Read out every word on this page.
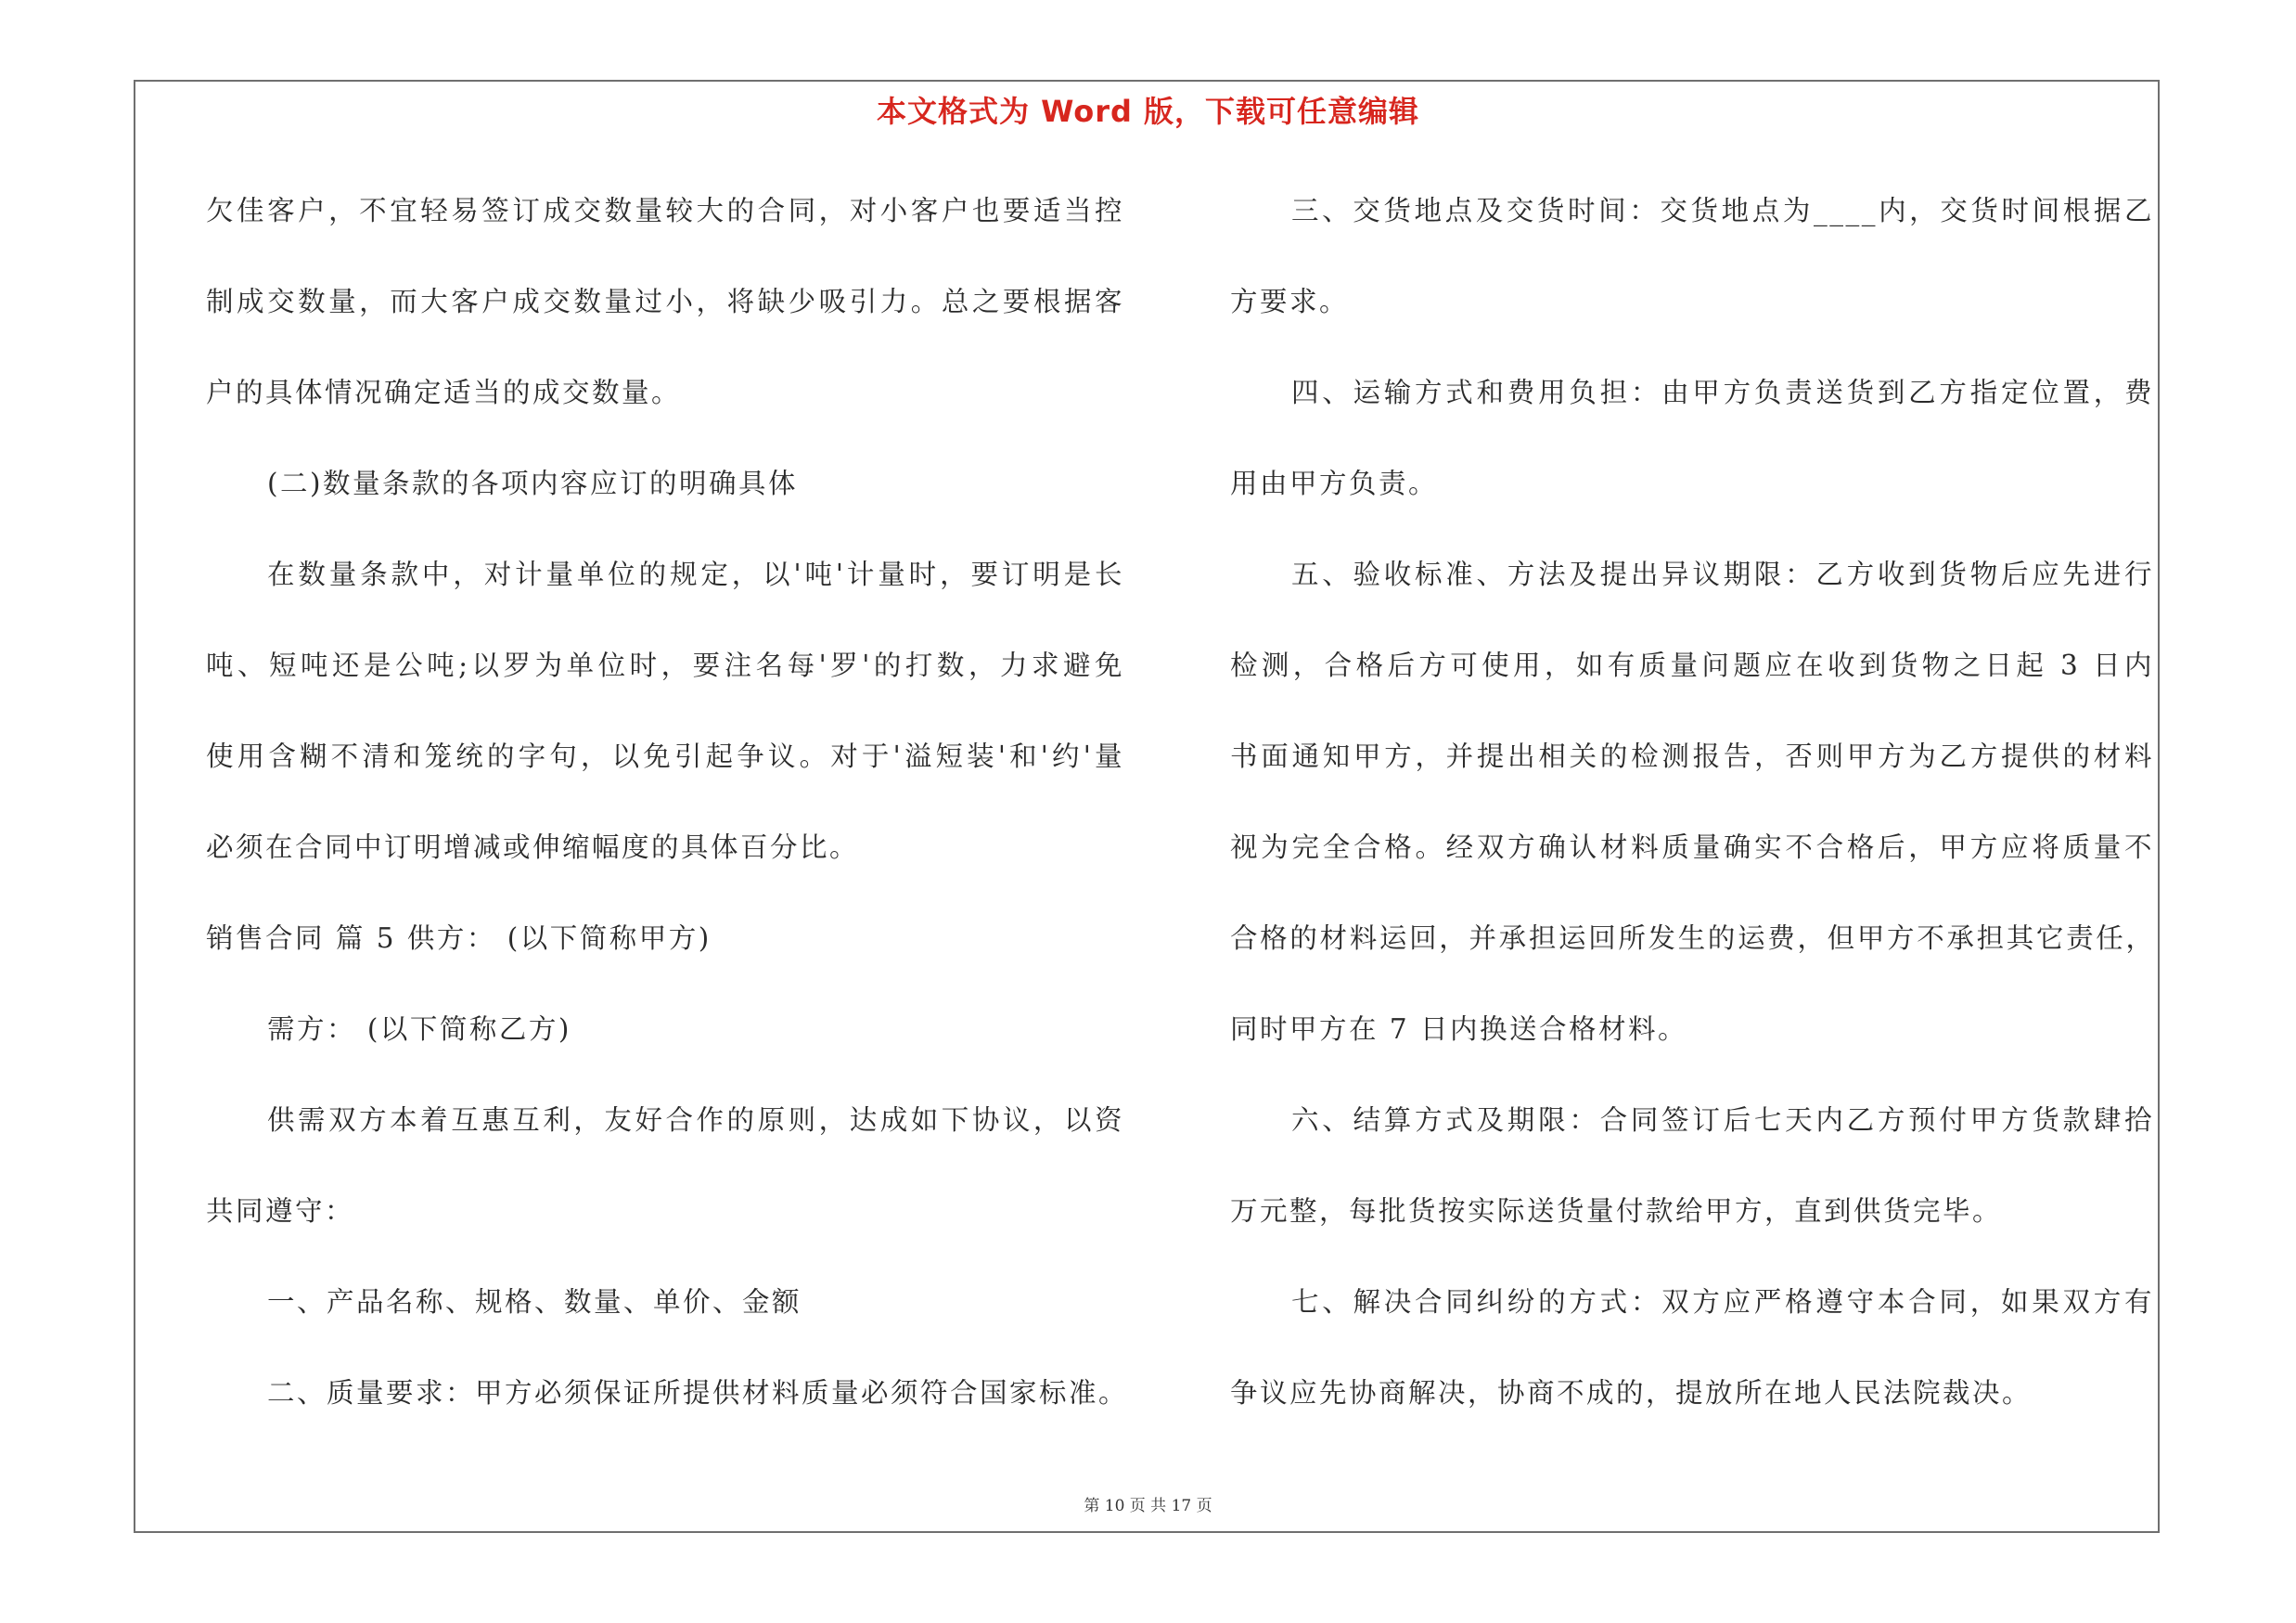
本文格式为 Word 版，下载可任意编辑
欠佳客户，不宜轻易签订成交数量较大的合同，对小客户也要适当控
制成交数量，而大客户成交数量过小，将缺少吸引力。总之要根据客
户的具体情况确定适当的成交数量。
(二)数量条款的各项内容应订的明确具体
在数量条款中，对计量单位的规定，以'吨'计量时，要订明是长
吨、短吨还是公吨;以罗为单位时，要注名每'罗'的打数，力求避免
使用含糊不清和笼统的字句，以免引起争议。对于'溢短装'和'约'量
必须在合同中订明增减或伸缩幅度的具体百分比。
销售合同 篇 5 供方： (以下简称甲方)
需方： (以下简称乙方)
供需双方本着互惠互利，友好合作的原则，达成如下协议，以资
共同遵守：
一、产品名称、规格、数量、单价、金额
二、质量要求：甲方必须保证所提供材料质量必须符合国家标准。
三、交货地点及交货时间：交货地点为____内，交货时间根据乙
方要求。
四、运输方式和费用负担：由甲方负责送货到乙方指定位置，费
用由甲方负责。
五、验收标准、方法及提出异议期限：乙方收到货物后应先进行
检测，合格后方可使用，如有质量问题应在收到货物之日起 3 日内
书面通知甲方，并提出相关的检测报告，否则甲方为乙方提供的材料
视为完全合格。经双方确认材料质量确实不合格后，甲方应将质量不
合格的材料运回，并承担运回所发生的运费，但甲方不承担其它责任，
同时甲方在 7 日内换送合格材料。
六、结算方式及期限：合同签订后七天内乙方预付甲方货款肆拾
万元整，每批货按实际送货量付款给甲方，直到供货完毕。
七、解决合同纠纷的方式：双方应严格遵守本合同，如果双方有
争议应先协商解决，协商不成的，提放所在地人民法院裁决。
第 10 页 共 17 页
